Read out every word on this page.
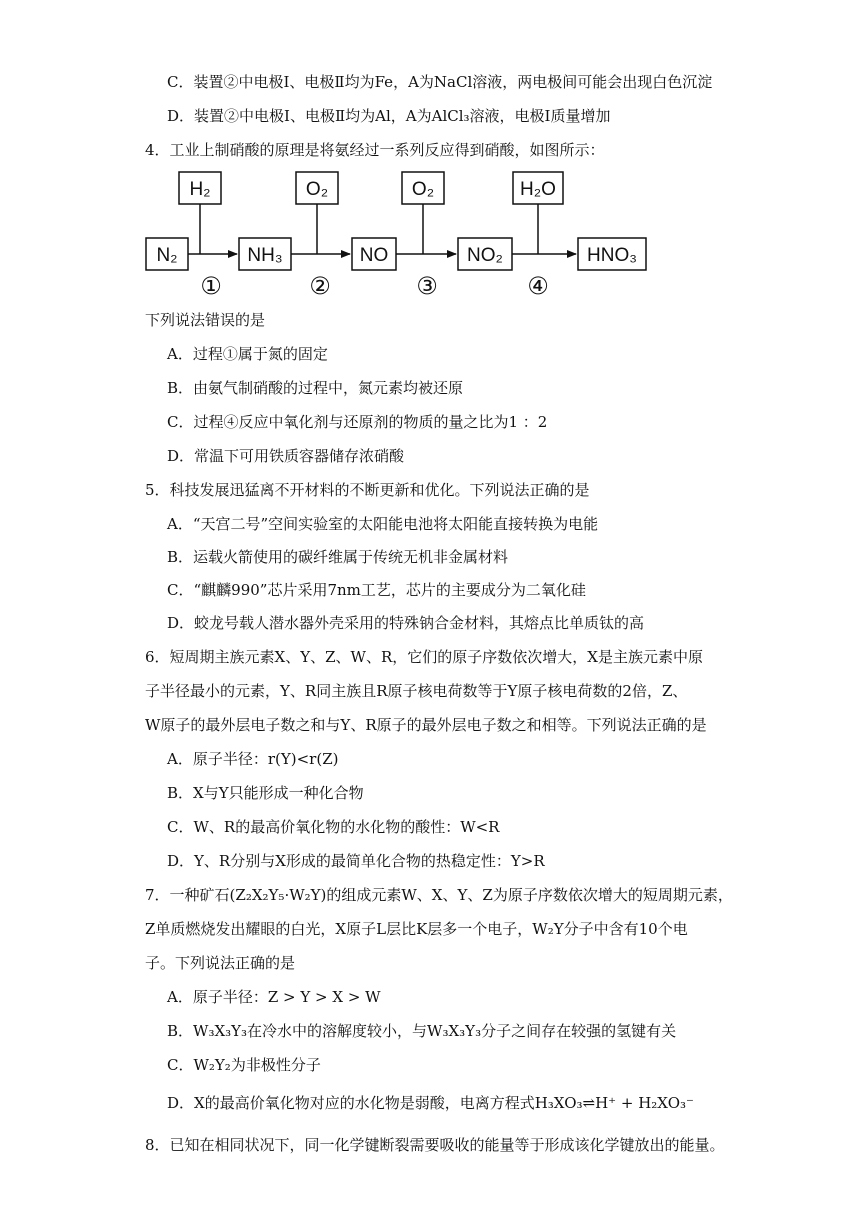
C．装置②中电极Ⅰ、电极Ⅱ均为Fe，A为NaCl溶液，两电极间可能会出现白色沉淀
D．装置②中电极Ⅰ、电极Ⅱ均为Al，A为AlCl₃溶液，电极Ⅰ质量增加
4．工业上制硝酸的原理是将氨经过一系列反应得到硝酸，如图所示：
N₂	NH₃	NO	NO₂	HNO₃
H₂	O₂	O₂	H₂O
①	②	③	④
下列说法错误的是
A．过程①属于氮的固定
B．由氨气制硝酸的过程中，氮元素均被还原
C．过程④反应中氧化剂与还原剂的物质的量之比为1 ：2
D．常温下可用铁质容器储存浓硝酸
5．科技发展迅猛离不开材料的不断更新和优化。下列说法正确的是
A．“天宫二号”空间实验室的太阳能电池将太阳能直接转换为电能
B．运载火箭使用的碳纤维属于传统无机非金属材料
C．“麒麟990”芯片采用7nm工艺，芯片的主要成分为二氧化硅
D．蛟龙号载人潜水器外壳采用的特殊钠合金材料，其熔点比单质钛的高
6．短周期主族元素X、Y、Z、W、R，它们的原子序数依次增大，X是主族元素中原
子半径最小的元素，Y、R同主族且R原子核电荷数等于Y原子核电荷数的2倍，Z、
W原子的最外层电子数之和与Y、R原子的最外层电子数之和相等。下列说法正确的是
A．原子半径：r(Y)<r(Z)
B．X与Y只能形成一种化合物
C．W、R的最高价氧化物的水化物的酸性：W<R
D．Y、R分别与X形成的最简单化合物的热稳定性：Y>R
7．一种矿石(Z₂X₂Y₅·W₂Y)的组成元素W、X、Y、Z为原子序数依次增大的短周期元素，
Z单质燃烧发出耀眼的白光，X原子L层比K层多一个电子，W₂Y分子中含有10个电
子。下列说法正确的是
A．原子半径：Z > Y > X > W
B．W₃X₃Y₃在冷水中的溶解度较小，与W₃X₃Y₃分子之间存在较强的氢键有关
C．W₂Y₂为非极性分子
D．X的最高价氧化物对应的水化物是弱酸，电离方程式H₃XO₃⇌H⁺ + H₂XO₃⁻
8．已知在相同状况下，同一化学键断裂需要吸收的能量等于形成该化学键放出的能量。
